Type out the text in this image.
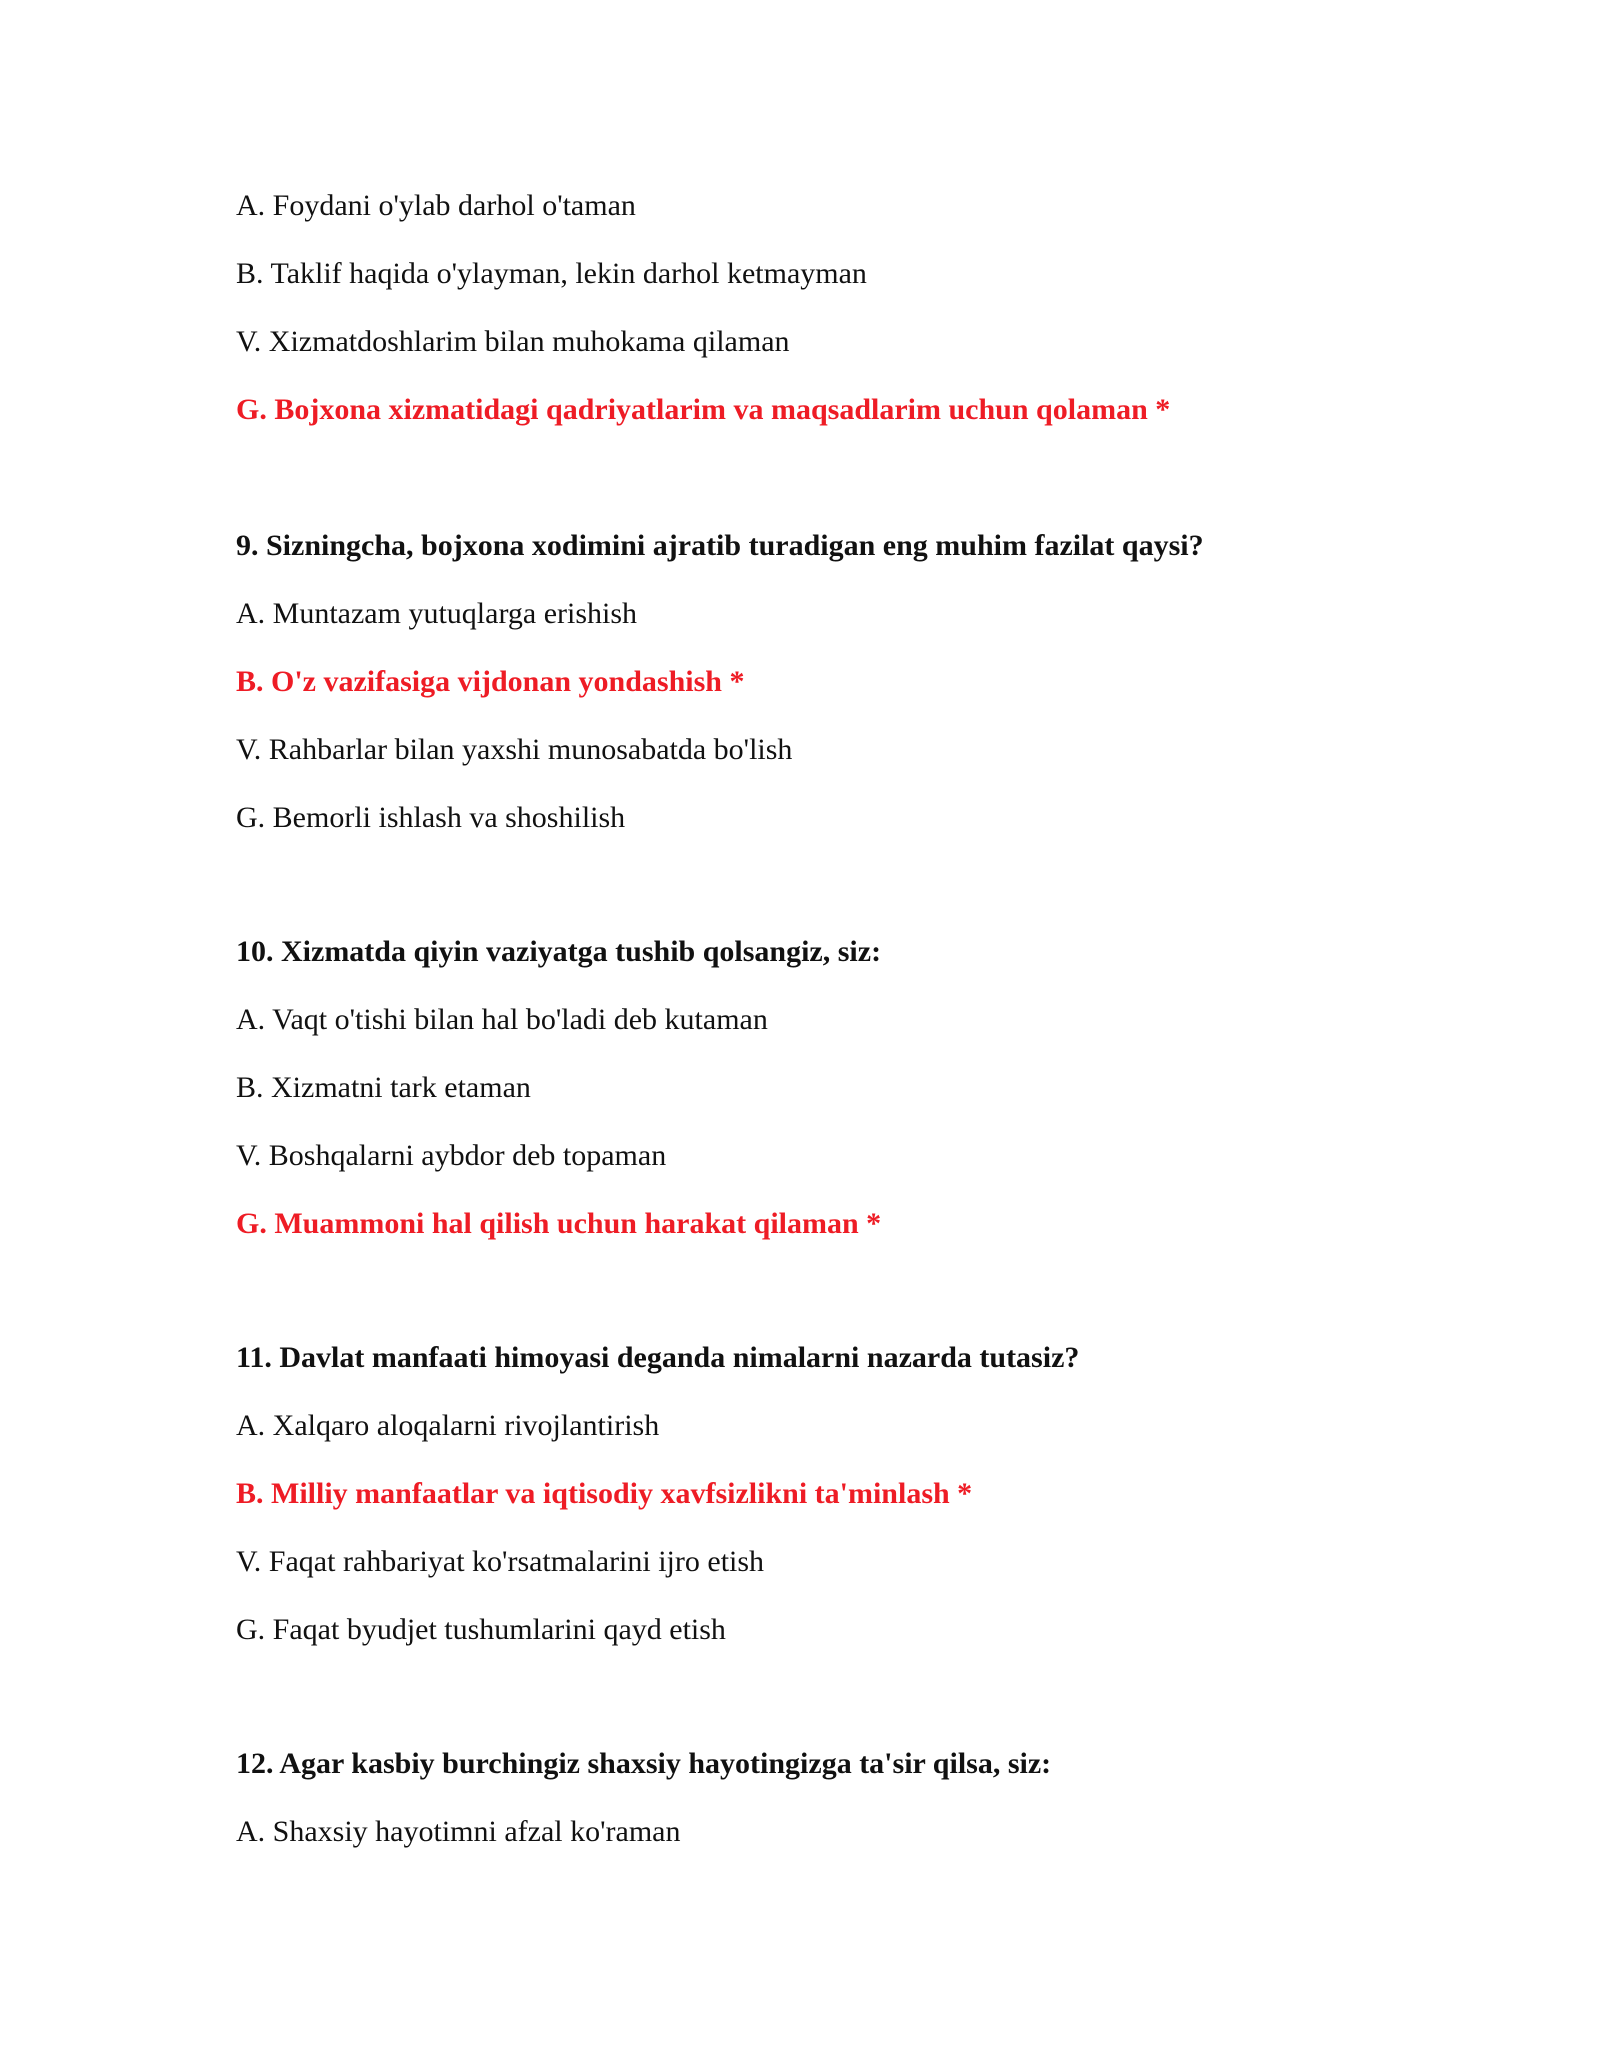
A. Foydani o'ylab darhol o'taman
B. Taklif haqida o'ylayman, lekin darhol ketmayman
V. Xizmatdoshlarim bilan muhokama qilaman
G. Bojxona xizmatidagi qadriyatlarim va maqsadlarim uchun qolaman *
9. Sizningcha, bojxona xodimini ajratib turadigan eng muhim fazilat qaysi?
A. Muntazam yutuqlarga erishish
B. O'z vazifasiga vijdonan yondashish *
V. Rahbarlar bilan yaxshi munosabatda bo'lish
G. Bemorli ishlash va shoshilish
10. Xizmatda qiyin vaziyatga tushib qolsangiz, siz:
A. Vaqt o'tishi bilan hal bo'ladi deb kutaman
B. Xizmatni tark etaman
V. Boshqalarni aybdor deb topaman
G. Muammoni hal qilish uchun harakat qilaman *
11. Davlat manfaati himoyasi deganda nimalarni nazarda tutasiz?
A. Xalqaro aloqalarni rivojlantirish
B. Milliy manfaatlar va iqtisodiy xavfsizlikni ta'minlash *
V. Faqat rahbariyat ko'rsatmalarini ijro etish
G. Faqat byudjet tushumlarini qayd etish
12. Agar kasbiy burchingiz shaxsiy hayotingizga ta'sir qilsa, siz:
A. Shaxsiy hayotimni afzal ko'raman
